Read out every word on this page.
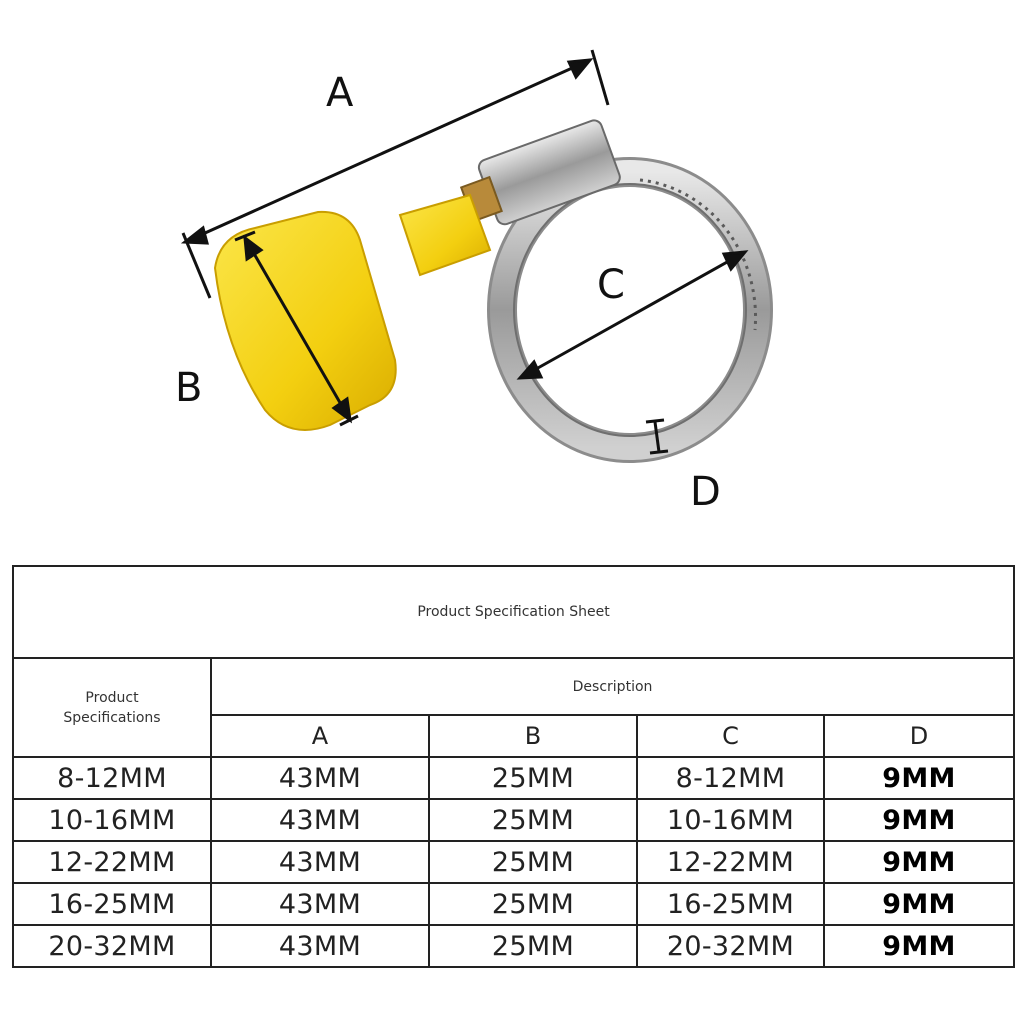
A
B
C
D
Product Specification Sheet				
Product
Specifications	Description			
	A	B	C	D
8-12MM	43MM	25MM	8-12MM	9MM
10-16MM	43MM	25MM	10-16MM	9MM
12-22MM	43MM	25MM	12-22MM	9MM
16-25MM	43MM	25MM	16-25MM	9MM
20-32MM	43MM	25MM	20-32MM	9MM
